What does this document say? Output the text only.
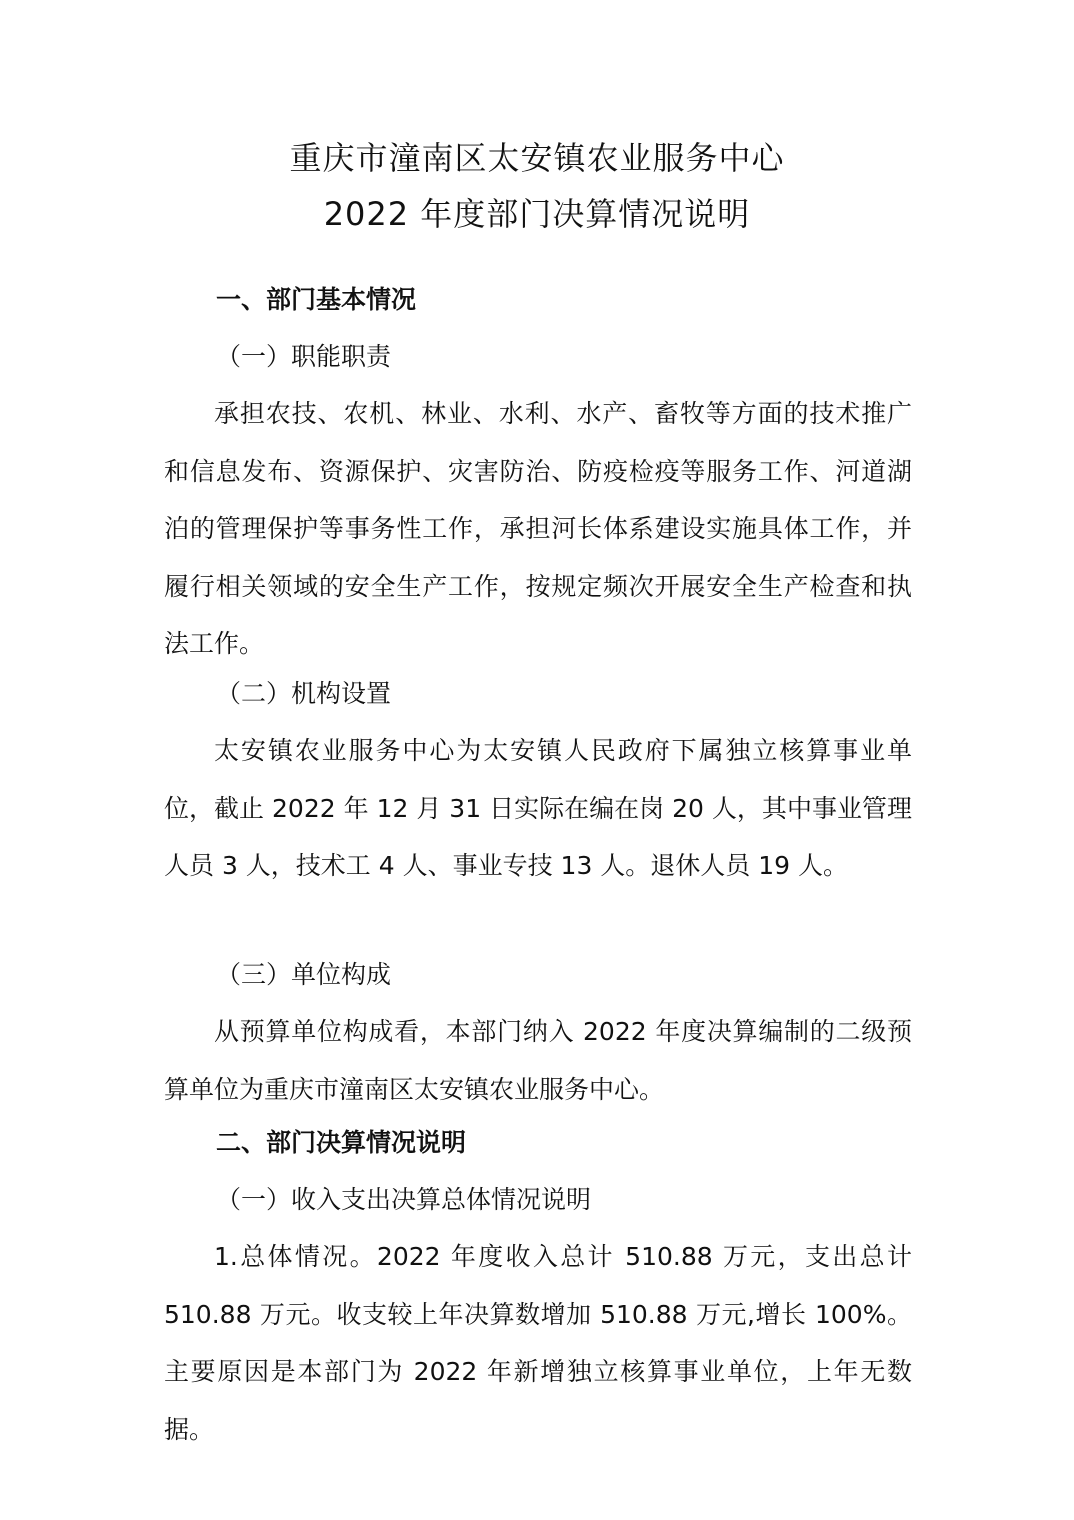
重庆市潼南区太安镇农业服务中心
2022 年度部门决算情况说明
一、部门基本情况
（一）职能职责

承担农技、农机、林业、水利、水产、畜牧等方面的技术推广和信息发布、资源保护、灾害防治、防疫检疫等服务工作、河道湖泊的管理保护等事务性工作，承担河长体系建设实施具体工作，并履行相关领域的安全生产工作，按规定频次开展安全生产检查和执法工作。

（二）机构设置

太安镇农业服务中心为太安镇人民政府下属独立核算事业单位，截止 2022 年 12 月 31 日实际在编在岗 20 人，其中事业管理人员 3 人，技术工 4 人、事业专技 13 人。退休人员 19 人。

（三）单位构成

从预算单位构成看，本部门纳入 2022 年度决算编制的二级预算单位为重庆市潼南区太安镇农业服务中心。

二、部门决算情况说明
（一）收入支出决算总体情况说明

1.总体情况。2022 年度收入总计 510.88 万元，支出总计 510.88 万元。收支较上年决算数增加 510.88 万元,增长 100%。主要原因是本部门为 2022 年新增独立核算事业单位，上年无数据。
